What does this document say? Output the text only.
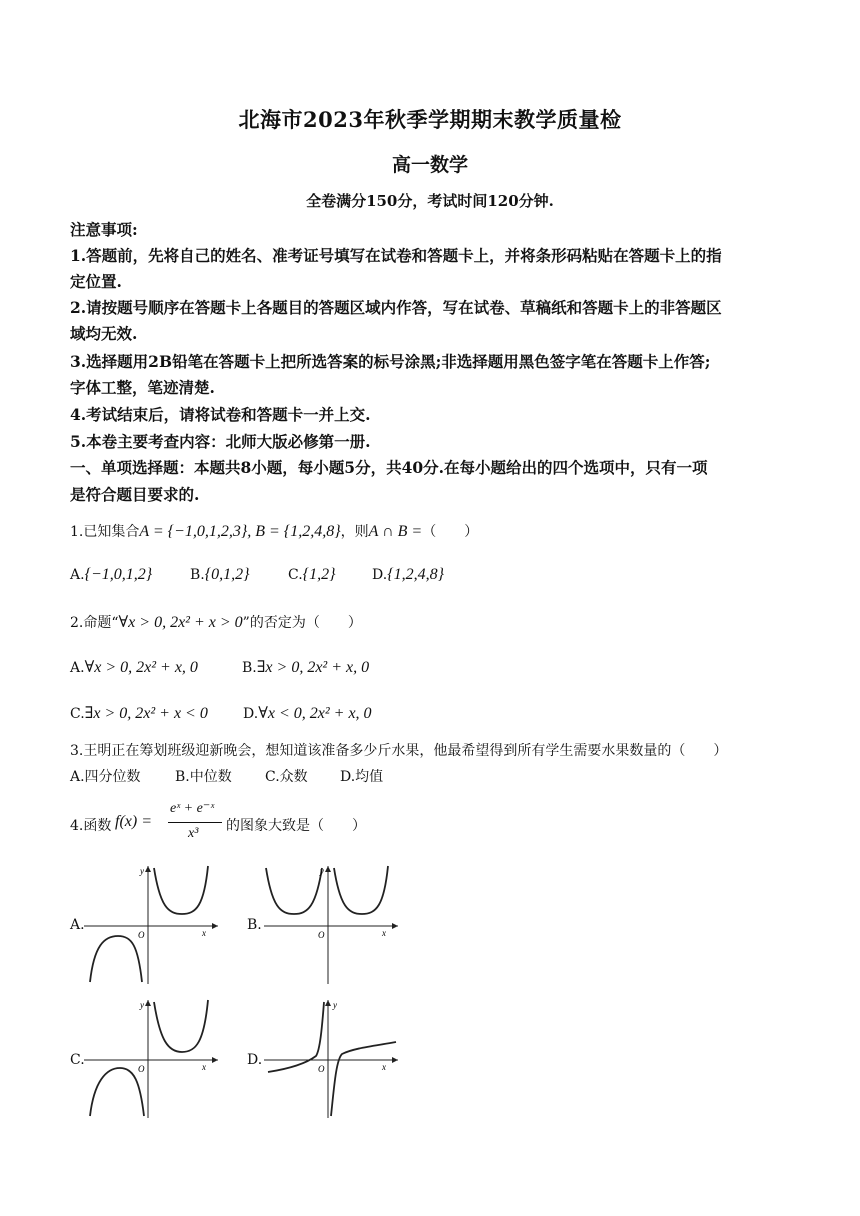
北海市2023年秋季学期期末教学质量检
高一数学
全卷满分150分，考试时间120分钟.
注意事项:
1.答题前，先将自己的姓名、准考证号填写在试卷和答题卡上，并将条形码粘贴在答题卡上的指
定位置.
2.请按题号顺序在答题卡上各题目的答题区域内作答，写在试卷、草稿纸和答题卡上的非答题区
域均无效.
3.选择题用2B铅笔在答题卡上把所选答案的标号涂黑;非选择题用黑色签字笔在答题卡上作答;
字体工整，笔迹清楚.
4.考试结束后，请将试卷和答题卡一并上交.
5.本卷主要考查内容：北师大版必修第一册.
一、单项选择题：本题共8小题，每小题5分，共40分.在每小题给出的四个选项中，只有一项
是符合题目要求的.
1.已知集合A = {−1,0,1,2,3}, B = {1,2,4,8}，则A ∩ B =（　　）
A.{−1,0,1,2}	B.{0,1,2}	C.{1,2}	D.{1,2,4,8}
2.命题“∀x > 0, 2x² + x > 0”的否定为（　　）
A.∀x > 0, 2x² + x, 0	B.∃x > 0, 2x² + x, 0
C.∃x > 0, 2x² + x < 0	D.∀x < 0, 2x² + x, 0
3.王明正在筹划班级迎新晚会，想知道该准备多少斤水果，他最希望得到所有学生需要水果数量的（　　）
A.四分位数 B.中位数 C.众数 D.均值
4.函数 f(x) =
eˣ + e⁻ˣ
x³ 的图象大致是（　　）
A.	B.
C.	D.
y
O	x
y
O	x
y
O	x
y
O	x
